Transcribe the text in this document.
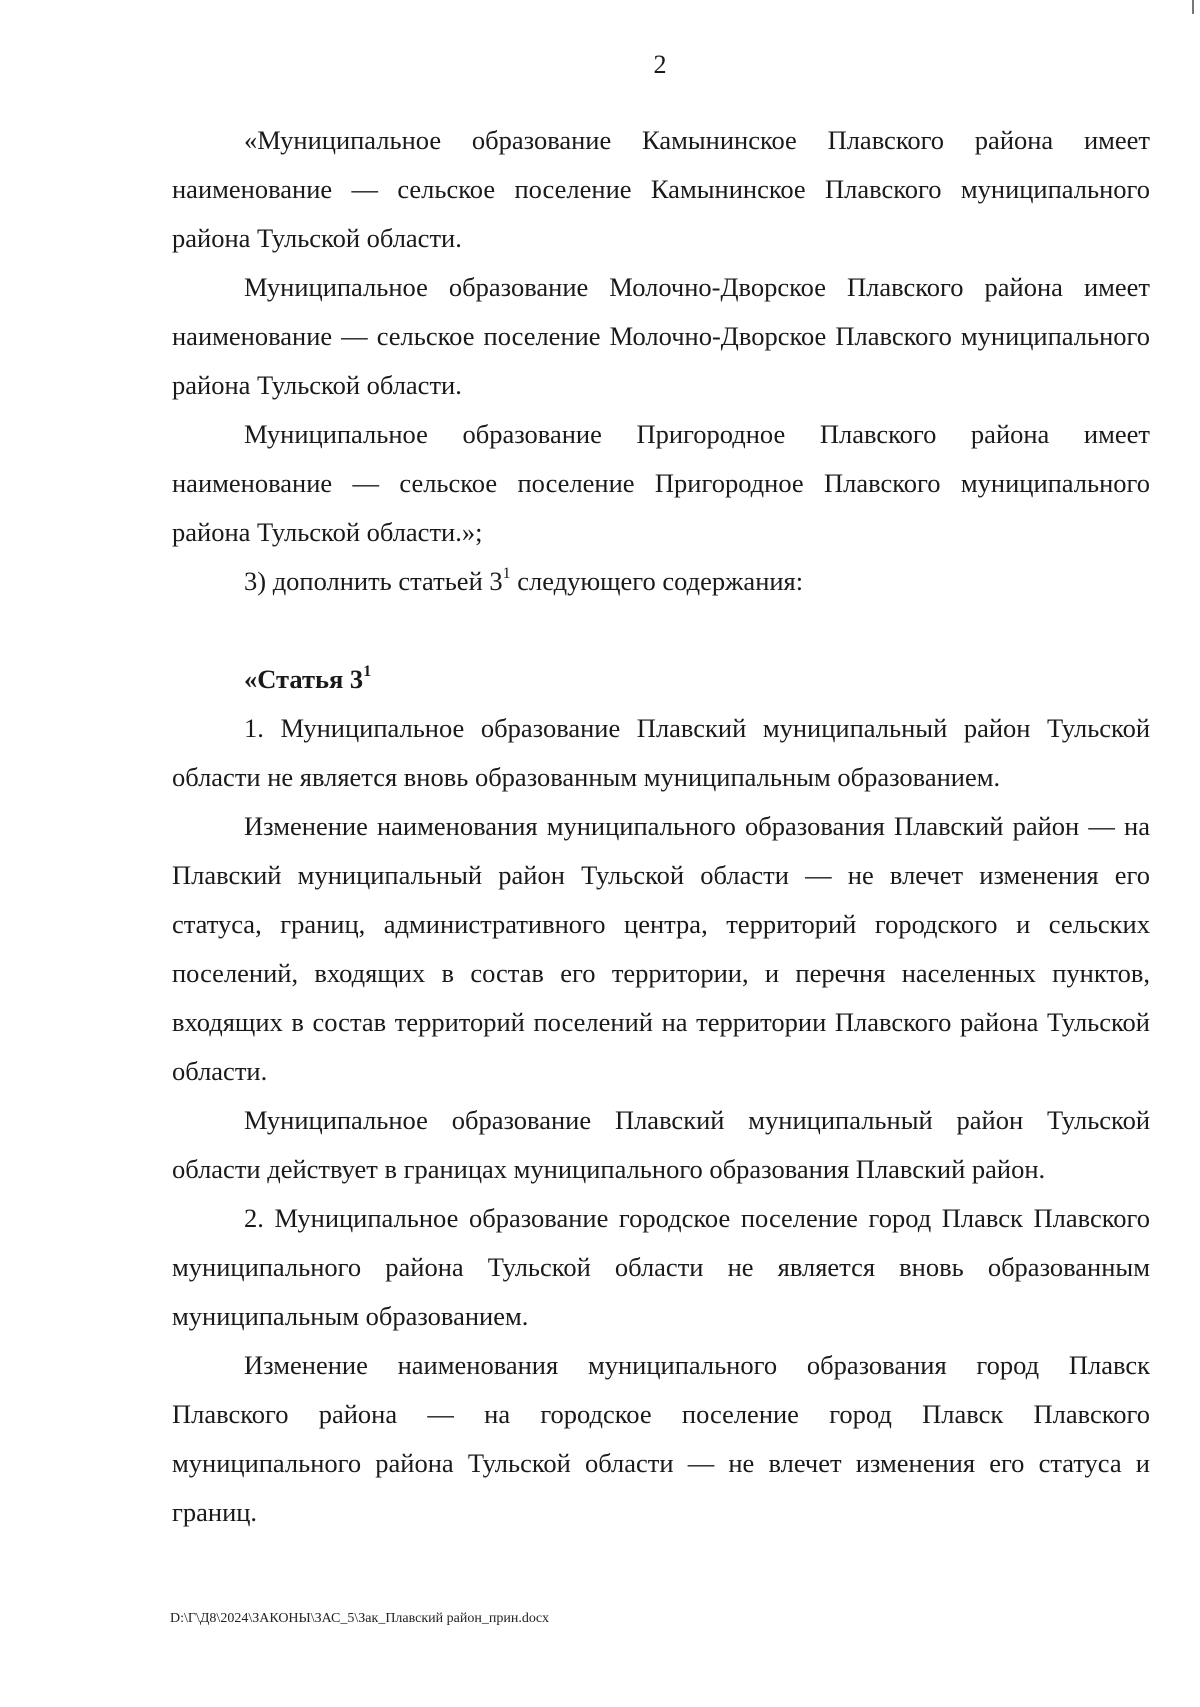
2

«Муниципальное образование Камынинское Плавского района имеет наименование — сельское поселение Камынинское Плавского муниципального района Тульской области.

Муниципальное образование Молочно-Дворское Плавского района имеет наименование — сельское поселение Молочно-Дворское Плавского муниципального района Тульской области.

Муниципальное образование Пригородное Плавского района имеет наименование — сельское поселение Пригородное Плавского муниципального района Тульской области.»;

3) дополнить статьей $3^1$ следующего содержания:

«Статья $3^1$

1. Муниципальное образование Плавский муниципальный район Тульской области не является вновь образованным муниципальным образованием.

Изменение наименования муниципального образования Плавский район — на Плавский муниципальный район Тульской области — не влечет изменения его статуса, границ, административного центра, территорий городского и сельских поселений, входящих в состав его территории, и перечня населенных пунктов, входящих в состав территорий поселений на территории Плавского района Тульской области.

Муниципальное образование Плавский муниципальный район Тульской области действует в границах муниципального образования Плавский район.

2. Муниципальное образование городское поселение город Плавск Плавского муниципального района Тульской области не является вновь образованным муниципальным образованием.

Изменение наименования муниципального образования город Плавск Плавского района — на городское поселение город Плавск Плавского муниципального района Тульской области — не влечет изменения его статуса и границ.

D:\Г\Д8\2024\ЗАКОНЫ\ЗАС_5\Зак_Плавский район_прин.docx
